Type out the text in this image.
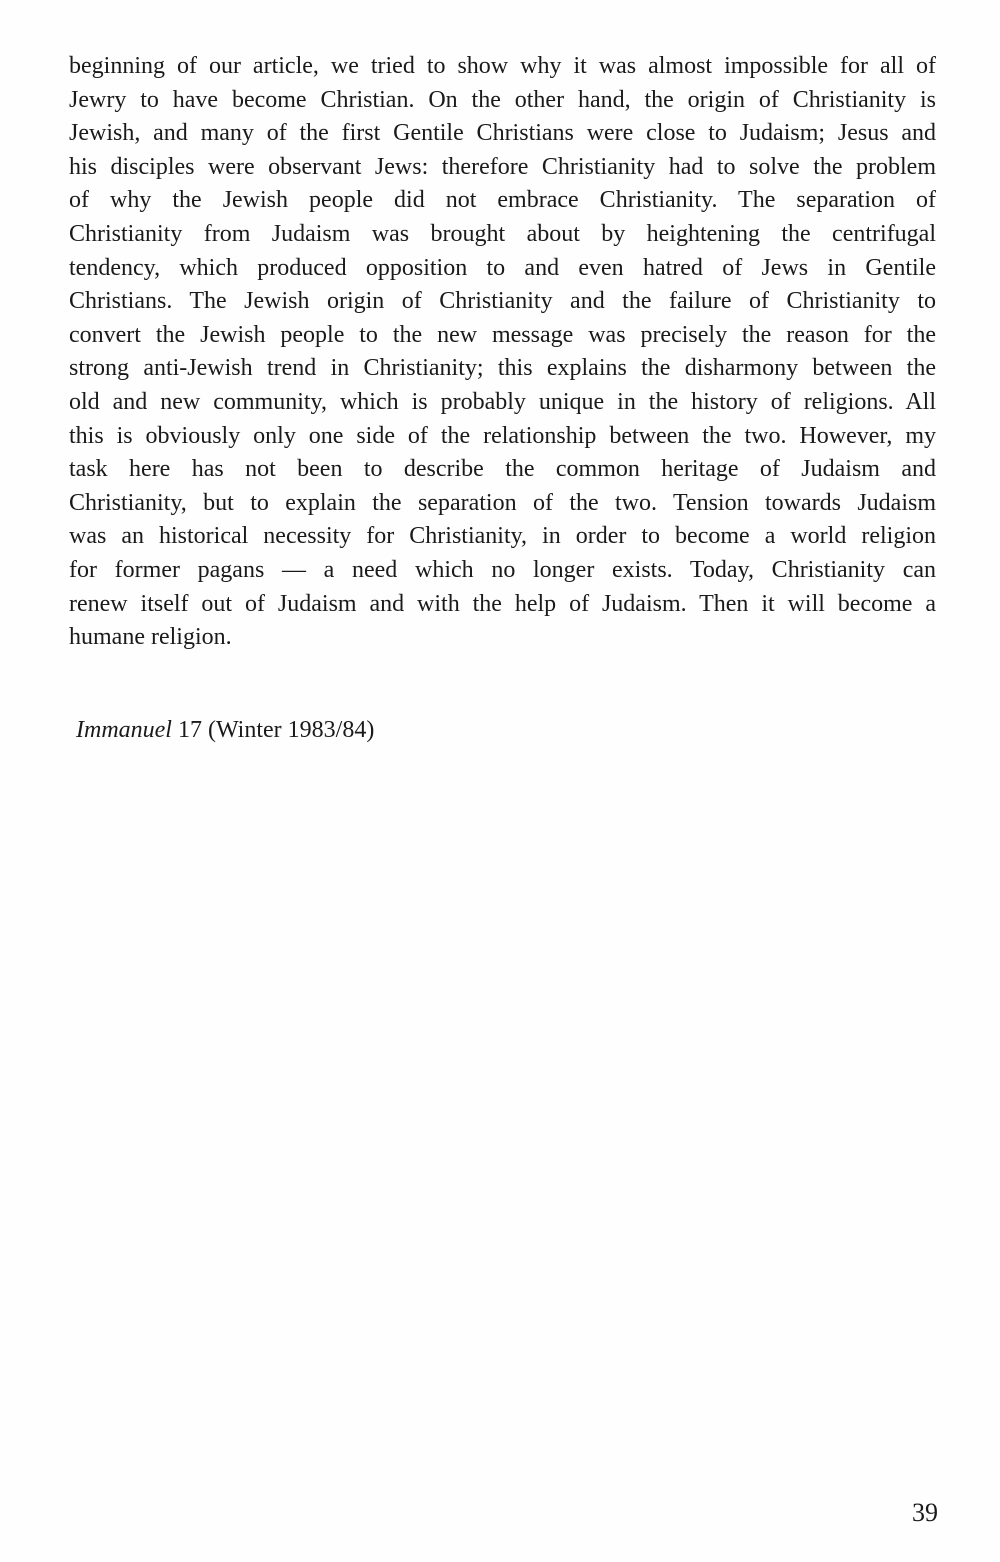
beginning of our article, we tried to show why it was almost impossible for all of
Jewry to have become Christian. On the other hand, the origin of Christianity is
Jewish, and many of the first Gentile Christians were close to Judaism; Jesus and
his disciples were observant Jews: therefore Christianity had to solve the problem
of why the Jewish people did not embrace Christianity. The separation of
Christianity from Judaism was brought about by heightening the centrifugal
tendency, which produced opposition to and even hatred of Jews in Gentile
Christians. The Jewish origin of Christianity and the failure of Christianity to
convert the Jewish people to the new message was precisely the reason for the
strong anti-Jewish trend in Christianity; this explains the disharmony between the
old and new community, which is probably unique in the history of religions. All
this is obviously only one side of the relationship between the two. However, my
task here has not been to describe the common heritage of Judaism and
Christianity, but to explain the separation of the two. Tension towards Judaism
was an historical necessity for Christianity, in order to become a world religion
for former pagans — a need which no longer exists. Today, Christianity can
renew itself out of Judaism and with the help of Judaism. Then it will become a
humane religion.

Immanuel 17 (Winter 1983/84)

39
